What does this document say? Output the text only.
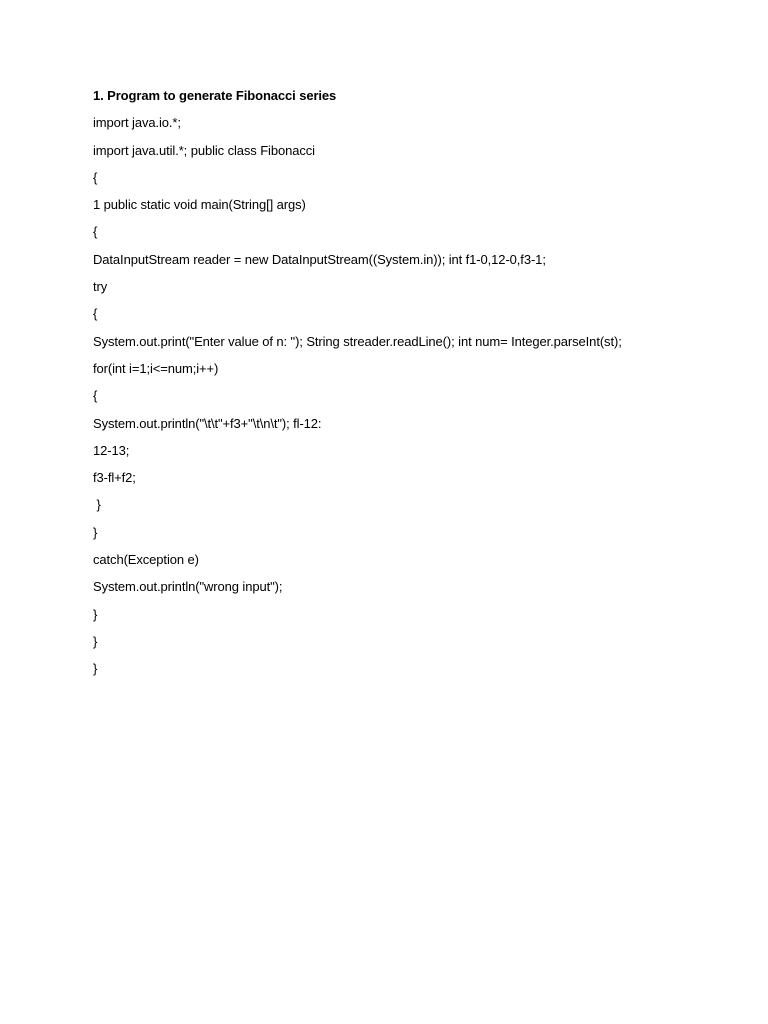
1. Program to generate Fibonacci series
import java.io.*;
import java.util.*; public class Fibonacci
{
1 public static void main(String[] args)
{
DataInputStream reader = new DataInputStream((System.in)); int f1-0,12-0,f3-1;
try
{
System.out.print("Enter value of n: "); String streader.readLine(); int num= Integer.parseInt(st);
for(int i=1;i<=num;i++)
{
System.out.println("\t\t"+f3+"\t\n\t"); fl-12:
12-13;
f3-fl+f2;
}
}
catch(Exception e)
System.out.println("wrong input");
}
}
}
